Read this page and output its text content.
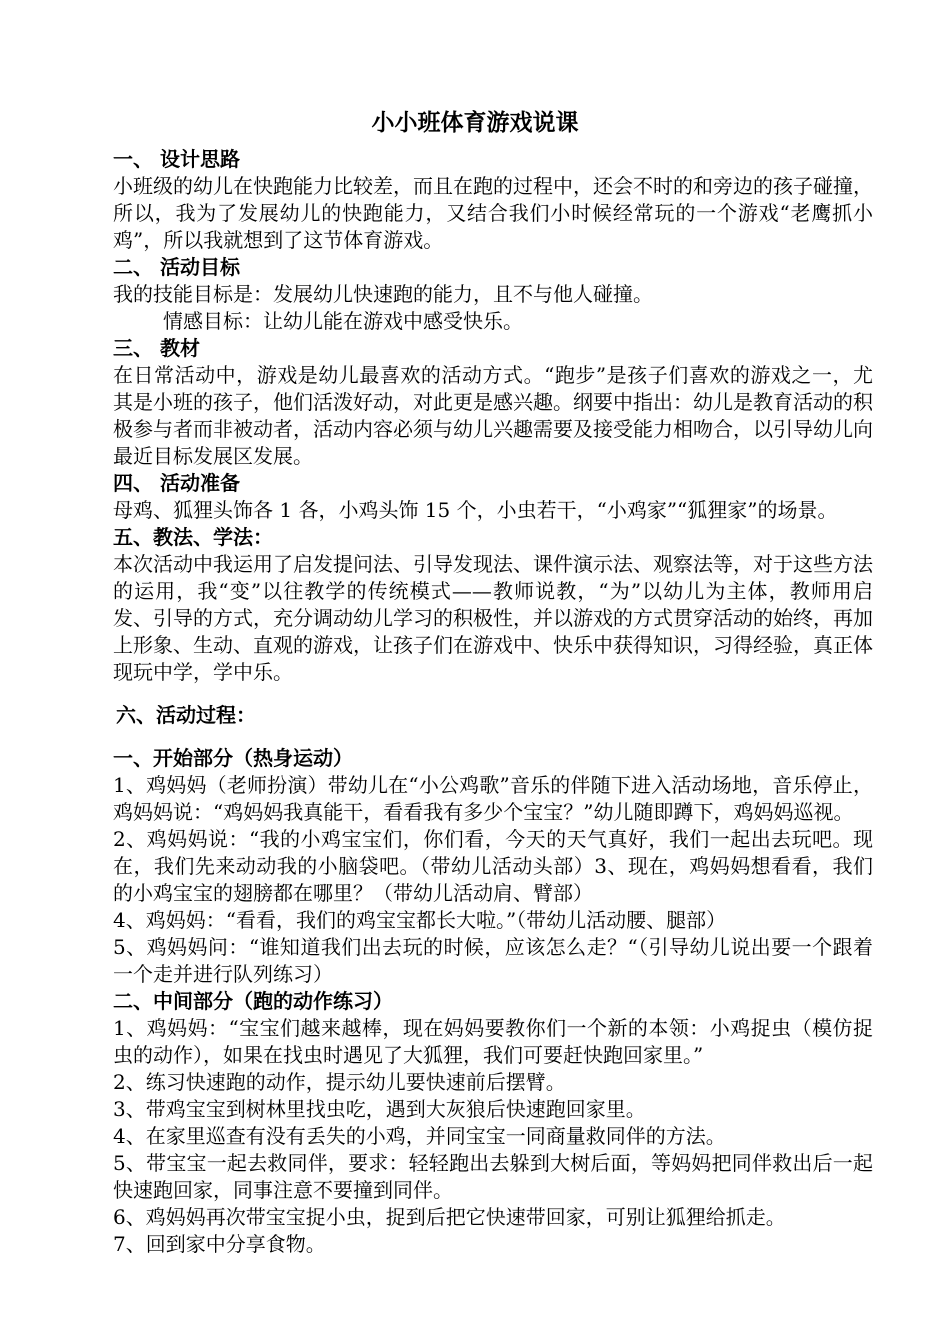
小小班体育游戏说课
一、 设计思路
小班级的幼儿在快跑能力比较差，而且在跑的过程中，还会不时的和旁边的孩子碰撞，所以，我为了发展幼儿的快跑能力，又结合我们小时候经常玩的一个游戏“老鹰抓小鸡”，所以我就想到了这节体育游戏。
二、 活动目标
我的技能目标是：发展幼儿快速跑的能力，且不与他人碰撞。
情感目标：让幼儿能在游戏中感受快乐。
三、 教材
在日常活动中，游戏是幼儿最喜欢的活动方式。“跑步”是孩子们喜欢的游戏之一，尤其是小班的孩子，他们活泼好动，对此更是感兴趣。纲要中指出：幼儿是教育活动的积极参与者而非被动者，活动内容必须与幼儿兴趣需要及接受能力相吻合，以引导幼儿向最近目标发展区发展。
四、 活动准备
母鸡、狐狸头饰各 1 各，小鸡头饰 15 个，小虫若干，“小鸡家”“狐狸家”的场景。
五、教法、学法：
本次活动中我运用了启发提问法、引导发现法、课件演示法、观察法等，对于这些方法的运用，我“变”以往教学的传统模式——教师说教，“为”以幼儿为主体，教师用启发、引导的方式，充分调动幼儿学习的积极性，并以游戏的方式贯穿活动的始终，再加上形象、生动、直观的游戏，让孩子们在游戏中、快乐中获得知识，习得经验，真正体现玩中学，学中乐。
六、活动过程：
一、开始部分（热身运动）
1、鸡妈妈（老师扮演）带幼儿在“小公鸡歌”音乐的伴随下进入活动场地，音乐停止，鸡妈妈说：“鸡妈妈我真能干，看看我有多少个宝宝？”幼儿随即蹲下，鸡妈妈巡视。
2、鸡妈妈说：“我的小鸡宝宝们，你们看，今天的天气真好，我们一起出去玩吧。现在，我们先来动动我的小脑袋吧。（带幼儿活动头部）3、现在，鸡妈妈想看看，我们的小鸡宝宝的翅膀都在哪里？（带幼儿活动肩、臂部）
4、鸡妈妈：“看看，我们的鸡宝宝都长大啦。”（带幼儿活动腰、腿部）
5、鸡妈妈问：“谁知道我们出去玩的时候，应该怎么走？“（引导幼儿说出要一个跟着一个走并进行队列练习）
二、中间部分（跑的动作练习）
1、鸡妈妈：“宝宝们越来越棒，现在妈妈要教你们一个新的本领：小鸡捉虫（模仿捉虫的动作），如果在找虫时遇见了大狐狸，我们可要赶快跑回家里。”
2、练习快速跑的动作，提示幼儿要快速前后摆臂。
3、带鸡宝宝到树林里找虫吃，遇到大灰狼后快速跑回家里。
4、在家里巡查有没有丢失的小鸡，并同宝宝一同商量救同伴的方法。
5、带宝宝一起去救同伴，要求：轻轻跑出去躲到大树后面，等妈妈把同伴救出后一起快速跑回家，同事注意不要撞到同伴。
6、鸡妈妈再次带宝宝捉小虫，捉到后把它快速带回家，可别让狐狸给抓走。
7、回到家中分享食物。
